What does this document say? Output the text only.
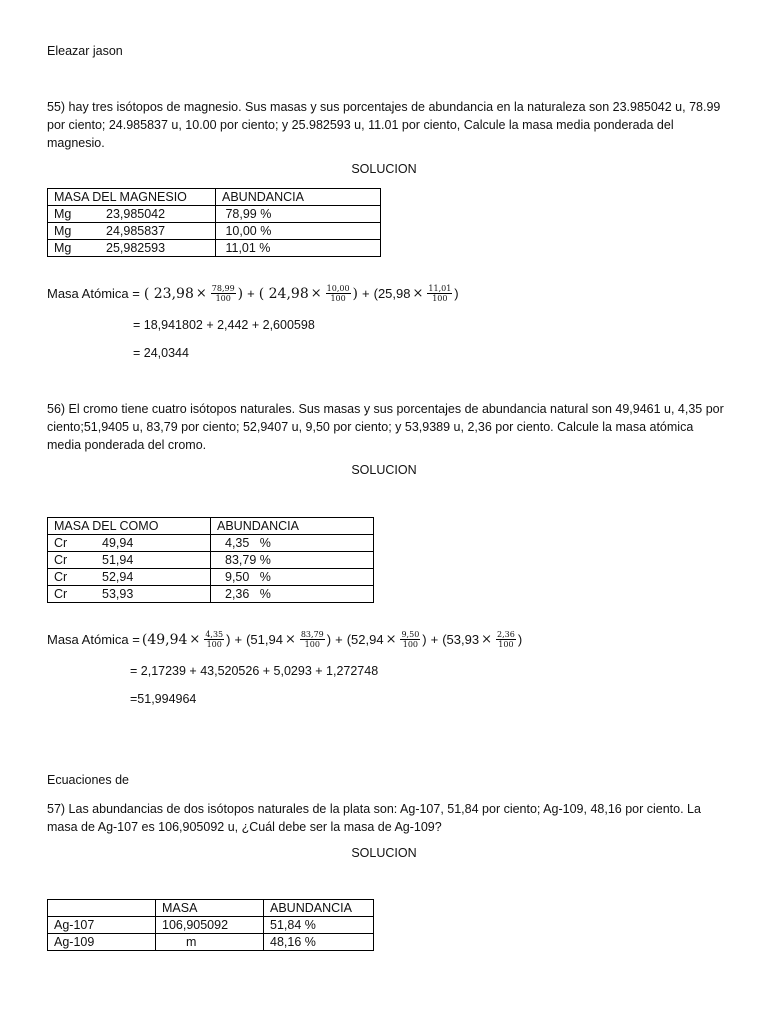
Eleazar jason
55) hay tres isótopos de magnesio. Sus masas y sus porcentajes de abundancia en la naturaleza son 23.985042 u, 78.99 por ciento; 24.985837 u, 10.00 por ciento; y 25.982593 u, 11.01 por ciento, Calcule la masa media ponderada del magnesio.
SOLUCION
MASA DEL MAGNESIO	ABUNDANCIA
Mg 23,985042	78,99 %
Mg 24,985837	10,00 %
Mg 25,982593	11,01 %
Masa Atómica = ( $23,98 \times \frac{78,99}{100}$ ) + ( $24,98 \times \frac{10,00}{100}$ ) + ($25,98 \times \frac{11,01}{100}$ )
= 18,941802 + 2,442 + 2,600598
= 24,0344
56) El cromo tiene cuatro isótopos naturales. Sus masas y sus porcentajes de abundancia natural son 49,9461 u, 4,35 por ciento;51,9405 u, 83,79 por ciento; 52,9407 u, 9,50 por ciento; y 53,9389 u, 2,36 por ciento. Calcule la masa atómica media ponderada del cromo.
SOLUCION
MASA DEL COMO	ABUNDANCIA
Cr 49,94	4,35   %
Cr 51,94	83,79 %
Cr 52,94	9,50   %
Cr 53,93	2,36   %
Masa Atómica = ($49,94 \times \frac{4,35}{100}$ ) + ($51,94 \times \frac{83,79}{100}$ ) + ($52,94 \times \frac{9,50}{100}$ ) + ($53,93 \times \frac{2,36}{100}$ )
= 2,17239 + 43,520526 + 5,0293 + 1,272748
=51,994964
Ecuaciones de
57) Las abundancias de dos isótopos naturales de la plata son: Ag-107, 51,84 por ciento; Ag-109, 48,16 por ciento. La masa de Ag-107 es 106,905092 u, ¿Cuál debe ser la masa de Ag-109?
SOLUCION
	MASA	ABUNDANCIA
Ag-107	106,905092	51,84 %
Ag-109	m	48,16 %
